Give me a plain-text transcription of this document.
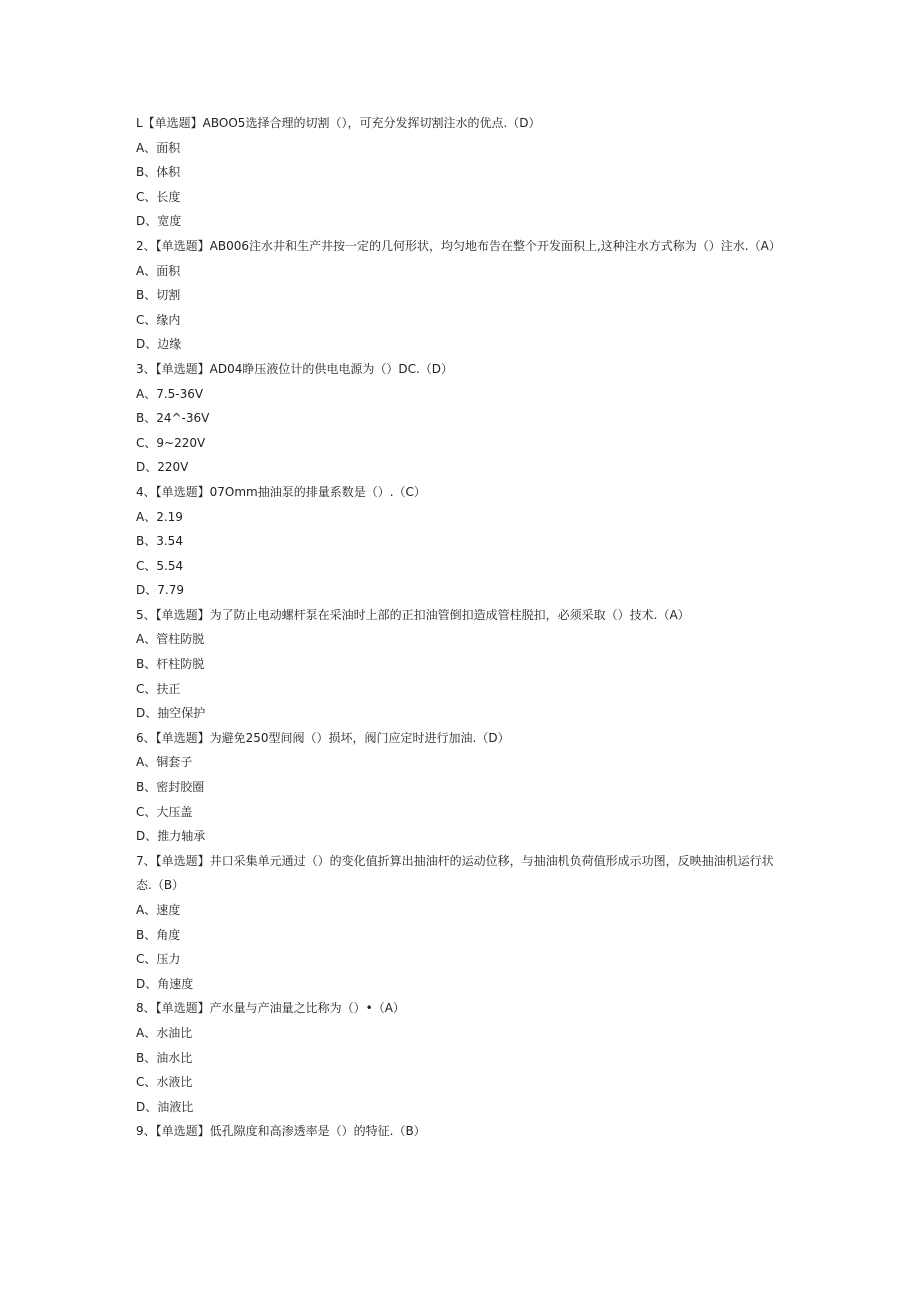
L【单选题】ABOO5选择合理的切割（），可充分发挥切割注水的优点.（D）
A、面积
B、体积
C、长度
D、宽度
2、【单选题】AB006注水井和生产井按一定的几何形状，均匀地布告在整个开发面积上,这种注水方式称为（）注水.（A）
A、面积
B、切割
C、缘内
D、边缘
3、【单选题】AD04睁压液位计的供电电源为（）DC.（D）
A、7.5-36V
B、24^-36V
C、9~220V
D、220V
4、【单选题】07Omm抽油泵的排量系数是（）.（C）
A、2.19
B、3.54
C、5.54
D、7.79
5、【单选题】为了防止电动螺杆泵在采油时上部的正扣油管倒扣造成管柱脱扣，必须采取（）技术.（A）
A、管柱防脱
B、杆柱防脱
C、扶正
D、抽空保护
6、【单选题】为避免250型间阀（）损坏，阀门应定时进行加油.（D）
A、铜套子
B、密封胶圈
C、大压盖
D、推力轴承
7、【单选题】井口采集单元通过（）的变化值折算出抽油杆的运动位移，与抽油机负荷值形成示功图，反映抽油机运行状态.（B）
A、速度
B、角度
C、压力
D、角速度
8、【单选题】产水量与产油量之比称为（）•（A）
A、水油比
B、油水比
C、水液比
D、油液比
9、【单选题】低孔隙度和高渗透率是（）的特征.（B）
